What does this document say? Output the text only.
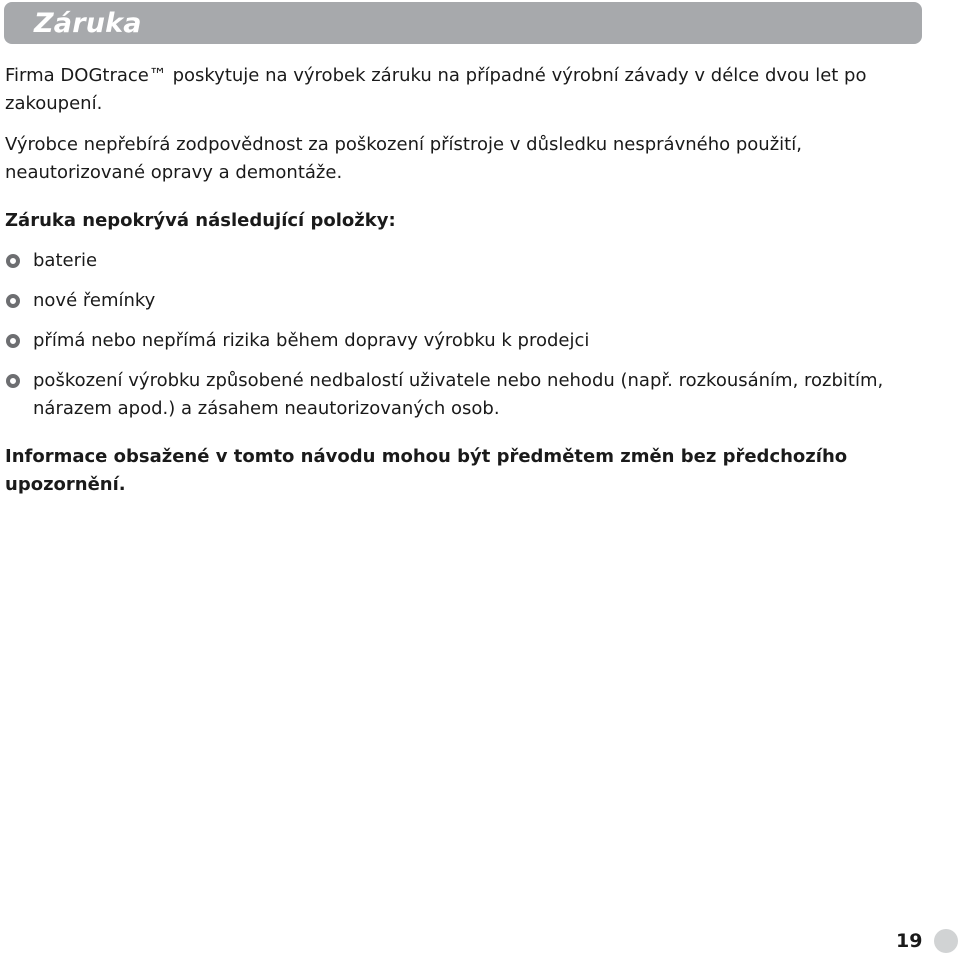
Záruka

Firma DOGtrace™ poskytuje na výrobek záruku na případné výrobní závady v délce dvou let po zakoupení.

Výrobce nepřebírá zodpovědnost za poškození přístroje v důsledku nesprávného použití, neautorizované opravy a demontáže.

Záruka nepokrývá následující položky:

baterie
nové řemínky
přímá nebo nepřímá rizika během dopravy výrobku k prodejci
poškození výrobku způsobené nedbalostí uživatele nebo nehodu (např. rozkousáním, rozbitím, nárazem apod.) a zásahem neautorizovaných osob.

Informace obsažené v tomto návodu mohou být předmětem změn bez předchozího upozornění.

19
